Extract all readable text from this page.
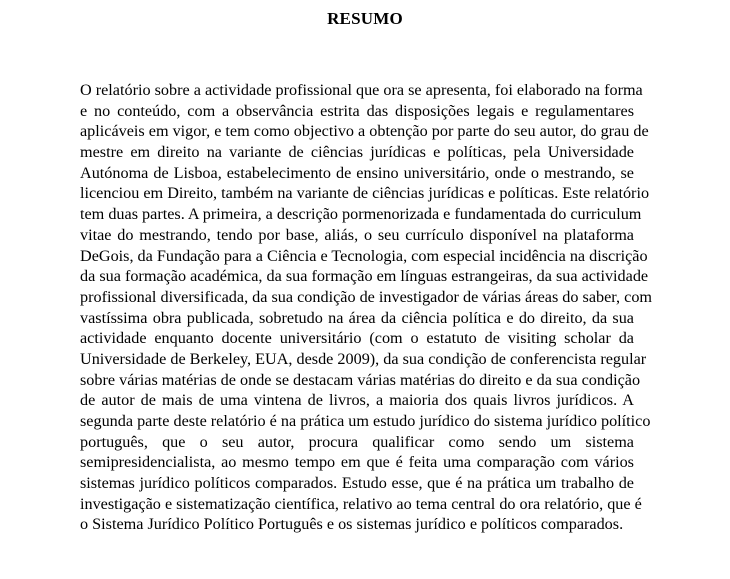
RESUMO
O relatório sobre a actividade profissional que ora se apresenta, foi elaborado na forma
e no conteúdo, com a observância estrita das disposições legais e regulamentares
aplicáveis em vigor, e tem como objectivo a obtenção por parte do seu autor, do grau de
mestre em direito na variante de ciências jurídicas e políticas, pela Universidade
Autónoma de Lisboa, estabelecimento de ensino universitário, onde o mestrando, se
licenciou em Direito, também na variante de ciências jurídicas e políticas. Este relatório
tem duas partes. A primeira, a descrição pormenorizada e fundamentada do curriculum
vitae do mestrando, tendo por base, aliás, o seu currículo disponível na plataforma
DeGois, da Fundação para a Ciência e Tecnologia, com especial incidência na discrição
da sua formação académica, da sua formação em línguas estrangeiras, da sua actividade
profissional diversificada, da sua condição de investigador de várias áreas do saber, com
vastíssima obra publicada, sobretudo na área da ciência política e do direito, da sua
actividade enquanto docente universitário (com o estatuto de visiting scholar da
Universidade de Berkeley, EUA, desde 2009), da sua condição de conferencista regular
sobre várias matérias de onde se destacam várias matérias do direito e da sua condição
de autor de mais de uma vintena de livros, a maioria dos quais livros jurídicos. A
segunda parte deste relatório é na prática um estudo jurídico do sistema jurídico político
português, que o seu autor, procura qualificar como sendo um sistema
semipresidencialista, ao mesmo tempo em que é feita uma comparação com vários
sistemas jurídico políticos comparados. Estudo esse, que é na prática um trabalho de
investigação e sistematização científica, relativo ao tema central do ora relatório, que é
o Sistema Jurídico Político Português e os sistemas jurídico e políticos comparados.
